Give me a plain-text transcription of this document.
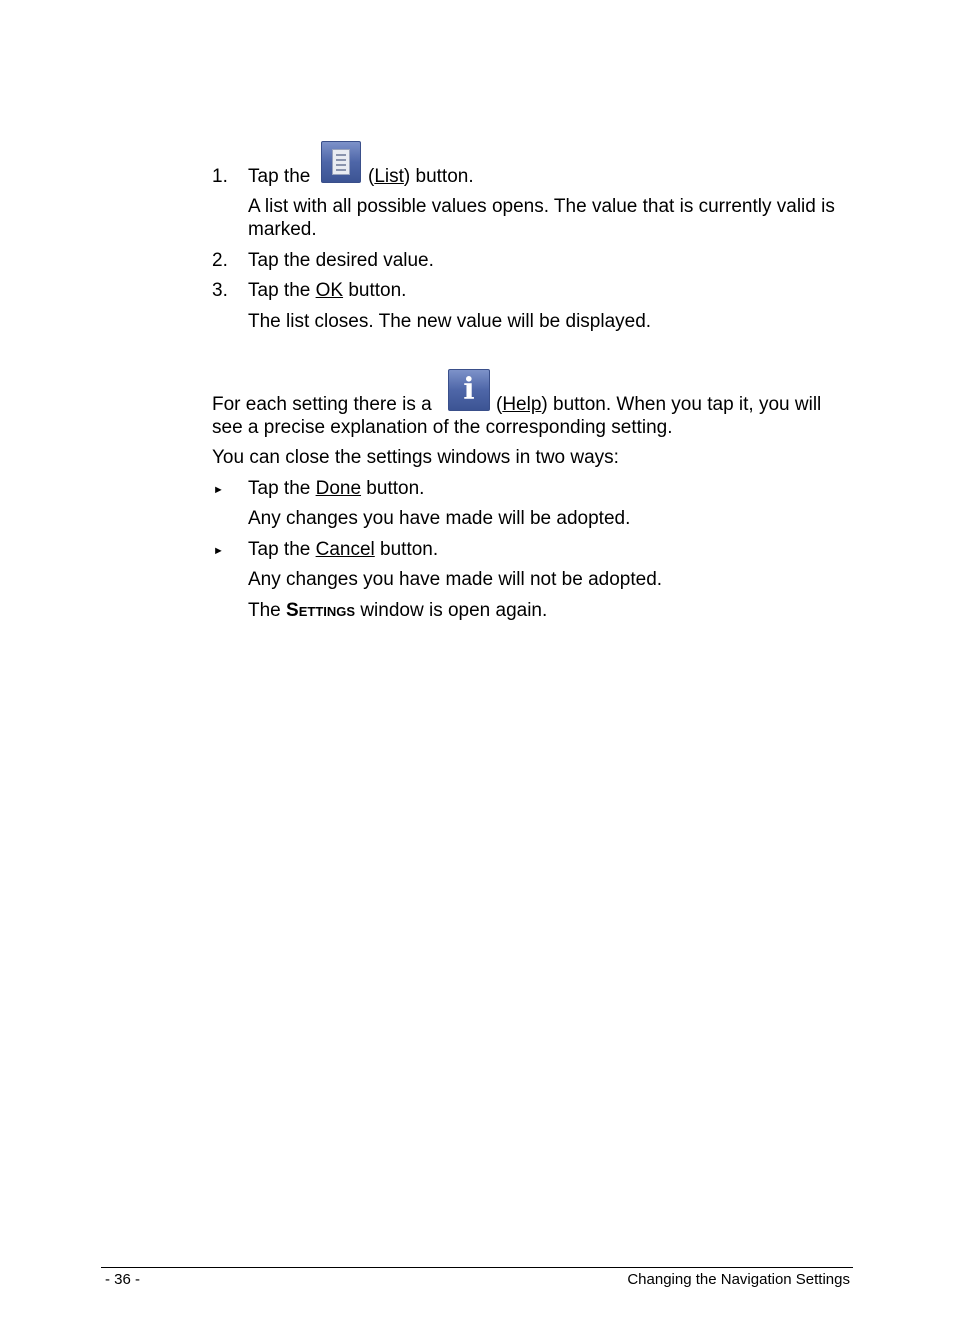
1.	Tap the	(List) button.
A list with all possible values opens. The value that is currently valid is marked.
2.	Tap the desired value.
3.	Tap the OK button.
The list closes. The new value will be displayed.
For each setting there is a	i	(Help) button. When you tap it, you will
see a precise explanation of the corresponding setting.
You can close the settings windows in two ways:
► Tap the Done button.
Any changes you have made will be adopted.
► Tap the Cancel button.
Any changes you have made will not be adopted.
The Settings window is open again.
- 36 -	Changing the Navigation Settings
